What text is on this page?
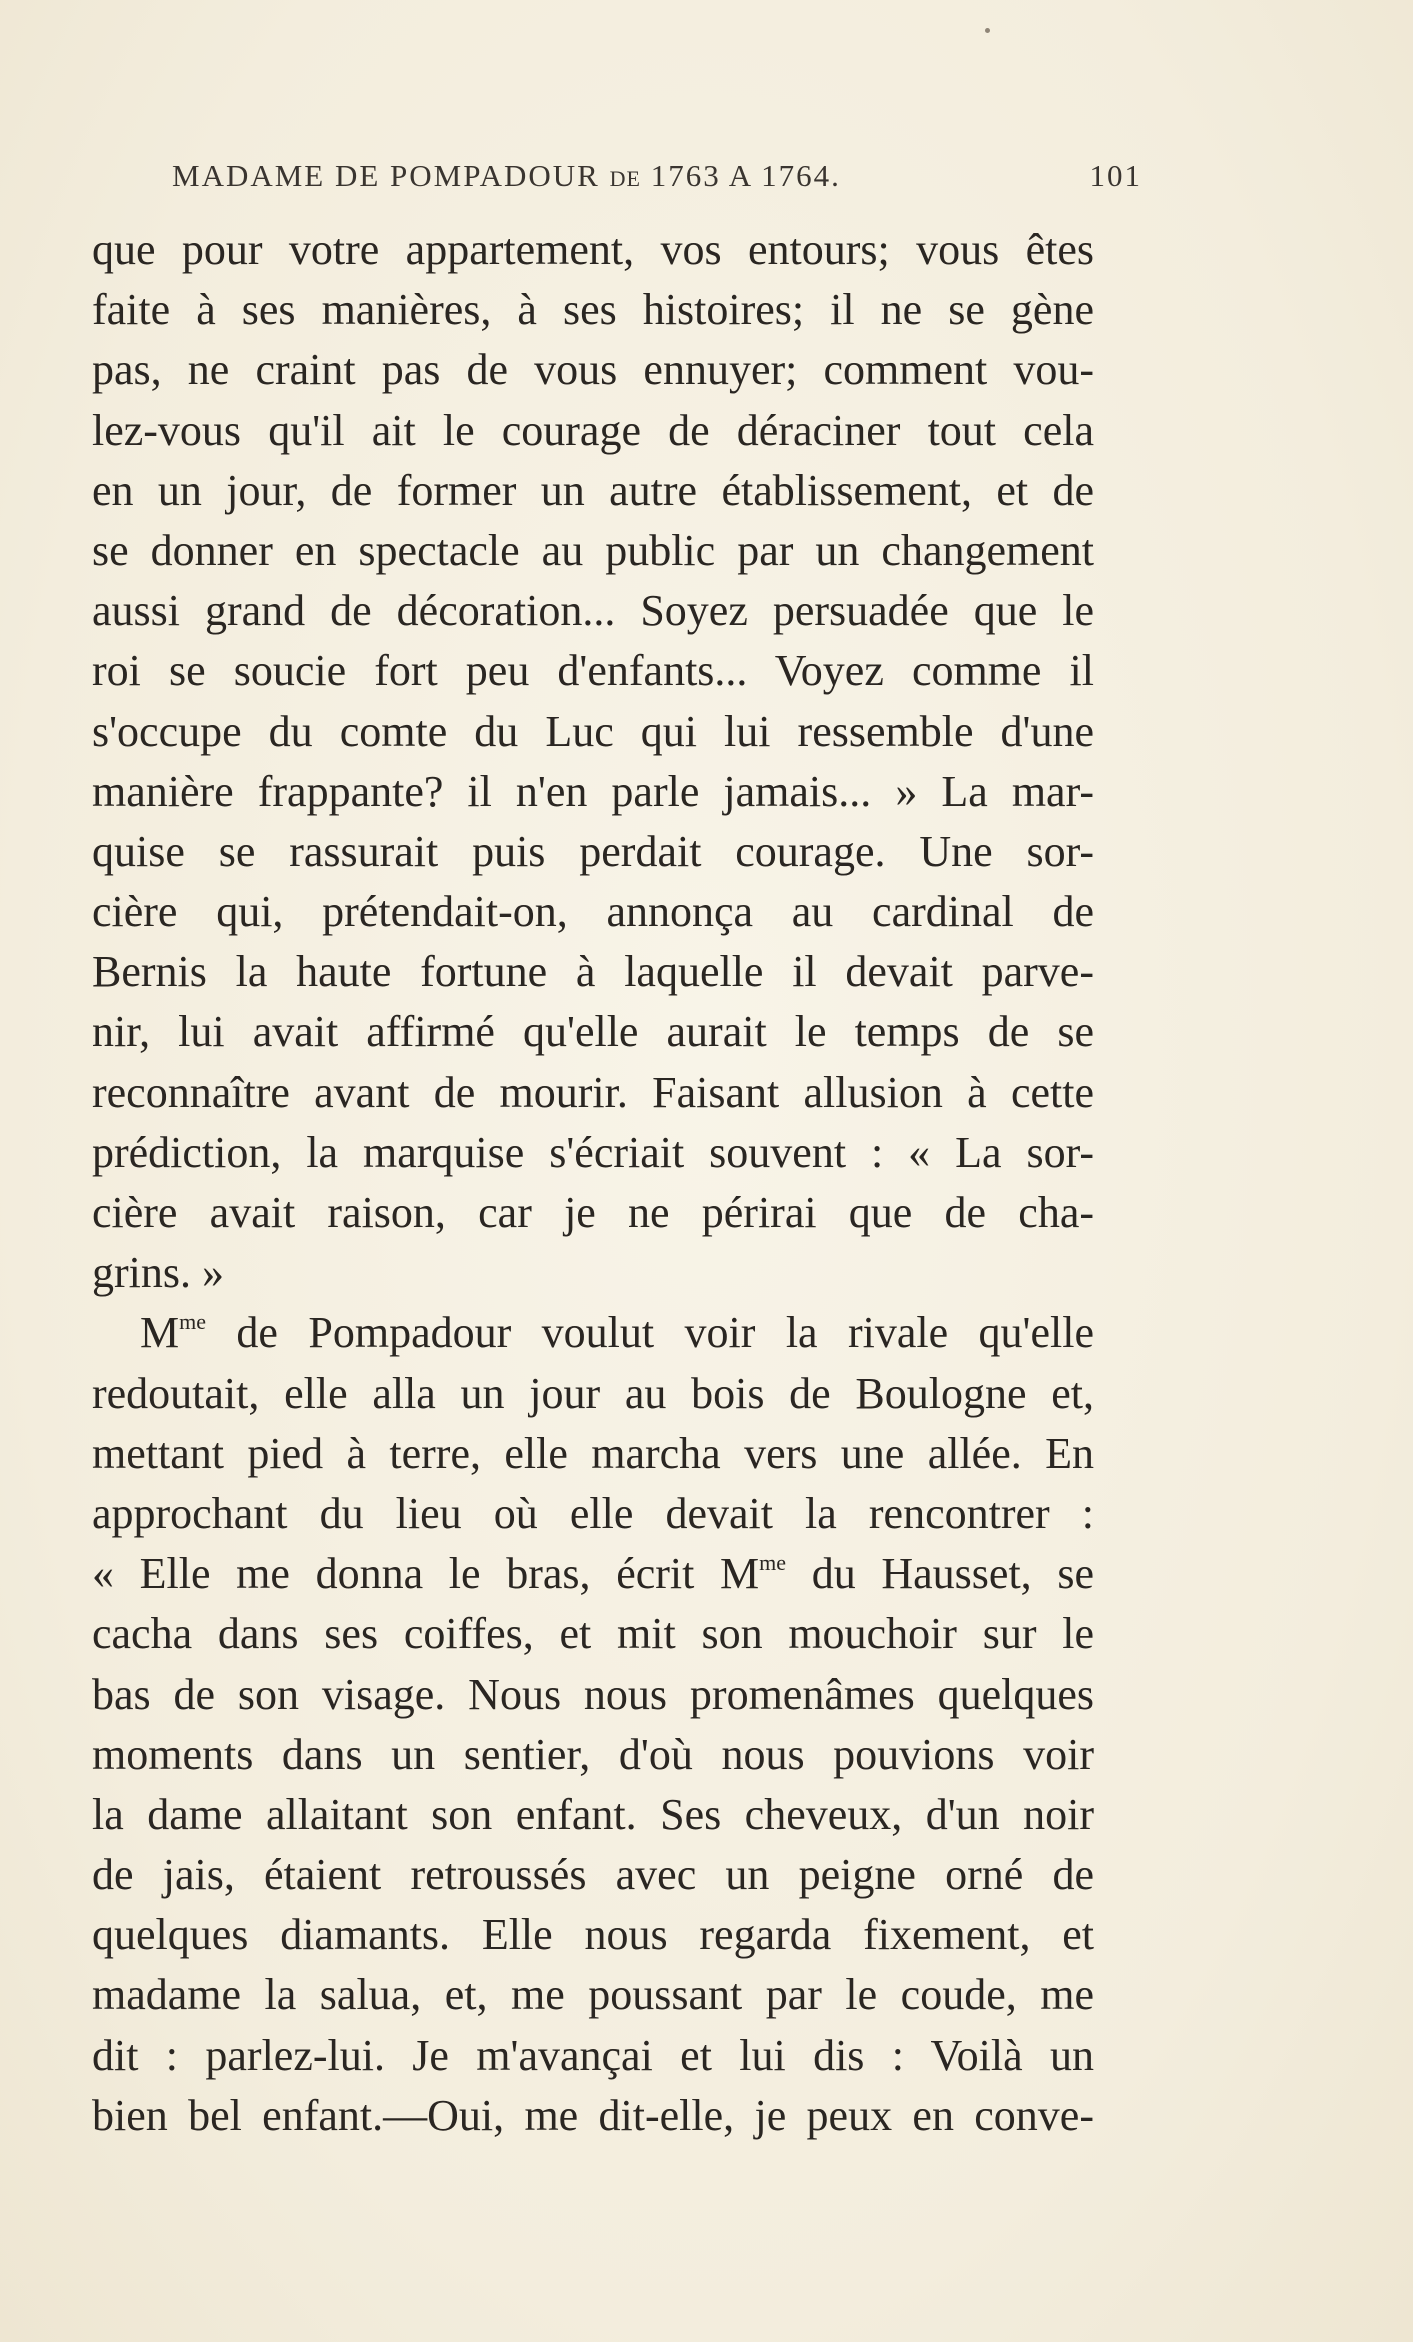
MADAME DE POMPADOUR DE 1763 A 1764.	101
que pour votre appartement, vos entours; vous êtes
faite à ses manières, à ses histoires; il ne se gène
pas, ne craint pas de vous ennuyer; comment vou-
lez-vous qu'il ait le courage de déraciner tout cela
en un jour, de former un autre établissement, et de
se donner en spectacle au public par un changement
aussi grand de décoration... Soyez persuadée que le
roi se soucie fort peu d'enfants... Voyez comme il
s'occupe du comte du Luc qui lui ressemble d'une
manière frappante? il n'en parle jamais... » La mar-
quise se rassurait puis perdait courage. Une sor-
cière qui, prétendait-on, annonça au cardinal de
Bernis la haute fortune à laquelle il devait parve-
nir, lui avait affirmé qu'elle aurait le temps de se
reconnaître avant de mourir. Faisant allusion à cette
prédiction, la marquise s'écriait souvent : « La sor-
cière avait raison, car je ne périrai que de cha-
grins. »
$M^{me}$ de Pompadour voulut voir la rivale qu'elle
redoutait, elle alla un jour au bois de Boulogne et,
mettant pied à terre, elle marcha vers une allée. En
approchant du lieu où elle devait la rencontrer :
« Elle me donna le bras, écrit $M^{me}$ du Hausset, se
cacha dans ses coiffes, et mit son mouchoir sur le
bas de son visage. Nous nous promenâmes quelques
moments dans un sentier, d'où nous pouvions voir
la dame allaitant son enfant. Ses cheveux, d'un noir
de jais, étaient retroussés avec un peigne orné de
quelques diamants. Elle nous regarda fixement, et
madame la salua, et, me poussant par le coude, me
dit : parlez-lui. Je m'avançai et lui dis : Voilà un
bien bel enfant.—Oui, me dit-elle, je peux en conve-
